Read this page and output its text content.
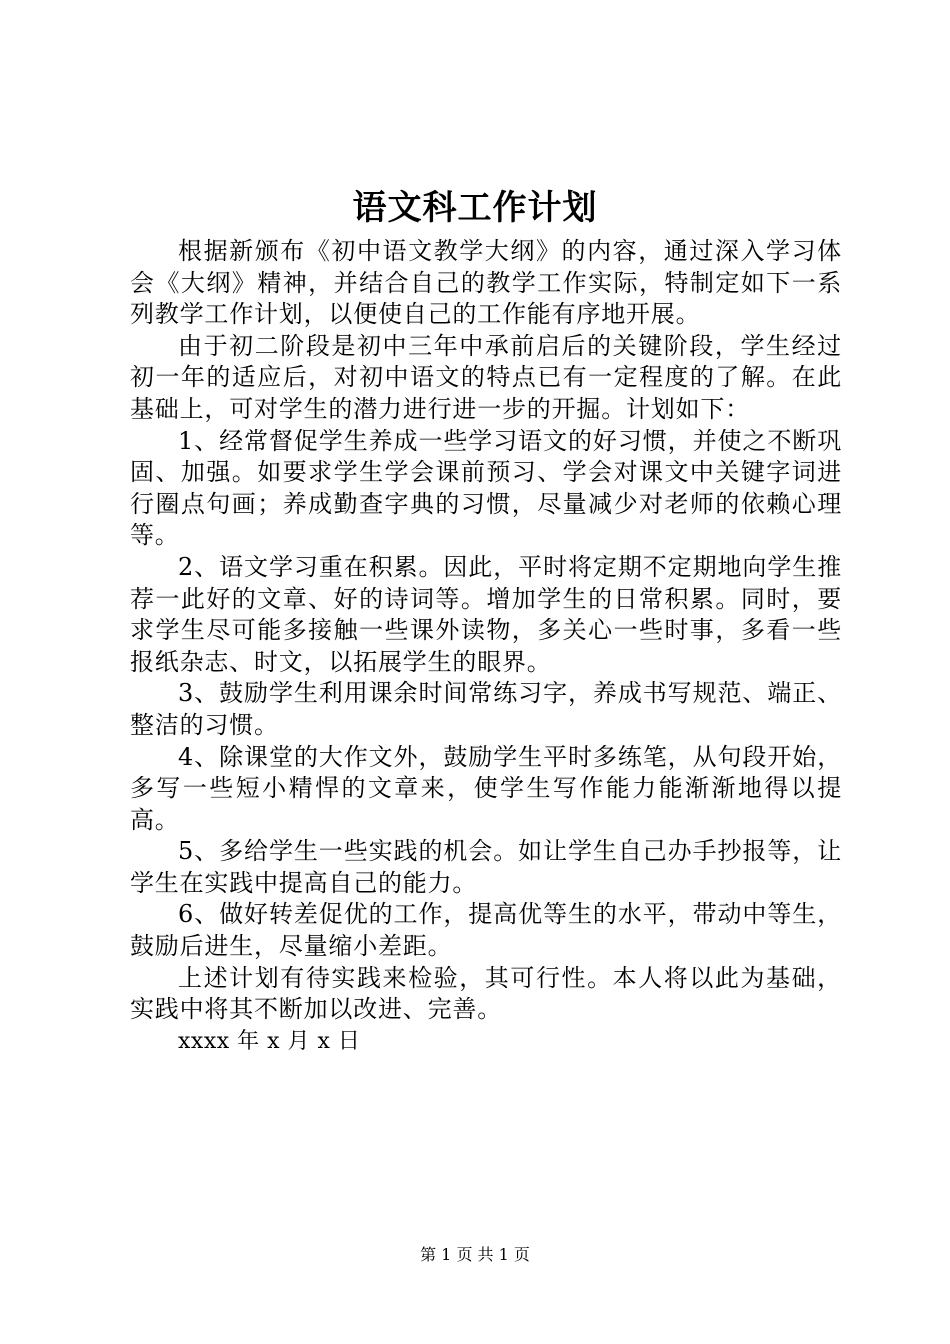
语文科工作计划

根据新颁布《初中语文教学大纲》的内容，通过深入学习体会《大纲》精神，并结合自己的教学工作实际，特制定如下一系列教学工作计划，以便使自己的工作能有序地开展。

由于初二阶段是初中三年中承前启后的关键阶段，学生经过初一年的适应后，对初中语文的特点已有一定程度的了解。在此基础上，可对学生的潜力进行进一步的开掘。计划如下：

1、经常督促学生养成一些学习语文的好习惯，并使之不断巩固、加强。如要求学生学会课前预习、学会对课文中关键字词进行圈点句画；养成勤查字典的习惯，尽量减少对老师的依赖心理等。

2、语文学习重在积累。因此，平时将定期不定期地向学生推荐一此好的文章、好的诗词等。增加学生的日常积累。同时，要求学生尽可能多接触一些课外读物，多关心一些时事，多看一些报纸杂志、时文，以拓展学生的眼界。

3、鼓励学生利用课余时间常练习字，养成书写规范、端正、整洁的习惯。

4、除课堂的大作文外，鼓励学生平时多练笔，从句段开始，多写一些短小精悍的文章来，使学生写作能力能渐渐地得以提高。

5、多给学生一些实践的机会。如让学生自己办手抄报等，让学生在实践中提高自己的能力。

6、做好转差促优的工作，提高优等生的水平，带动中等生，鼓励后进生，尽量缩小差距。

上述计划有待实践来检验，其可行性。本人将以此为基础，实践中将其不断加以改进、完善。

xxxx 年 x 月 x 日

第 1 页 共 1 页
